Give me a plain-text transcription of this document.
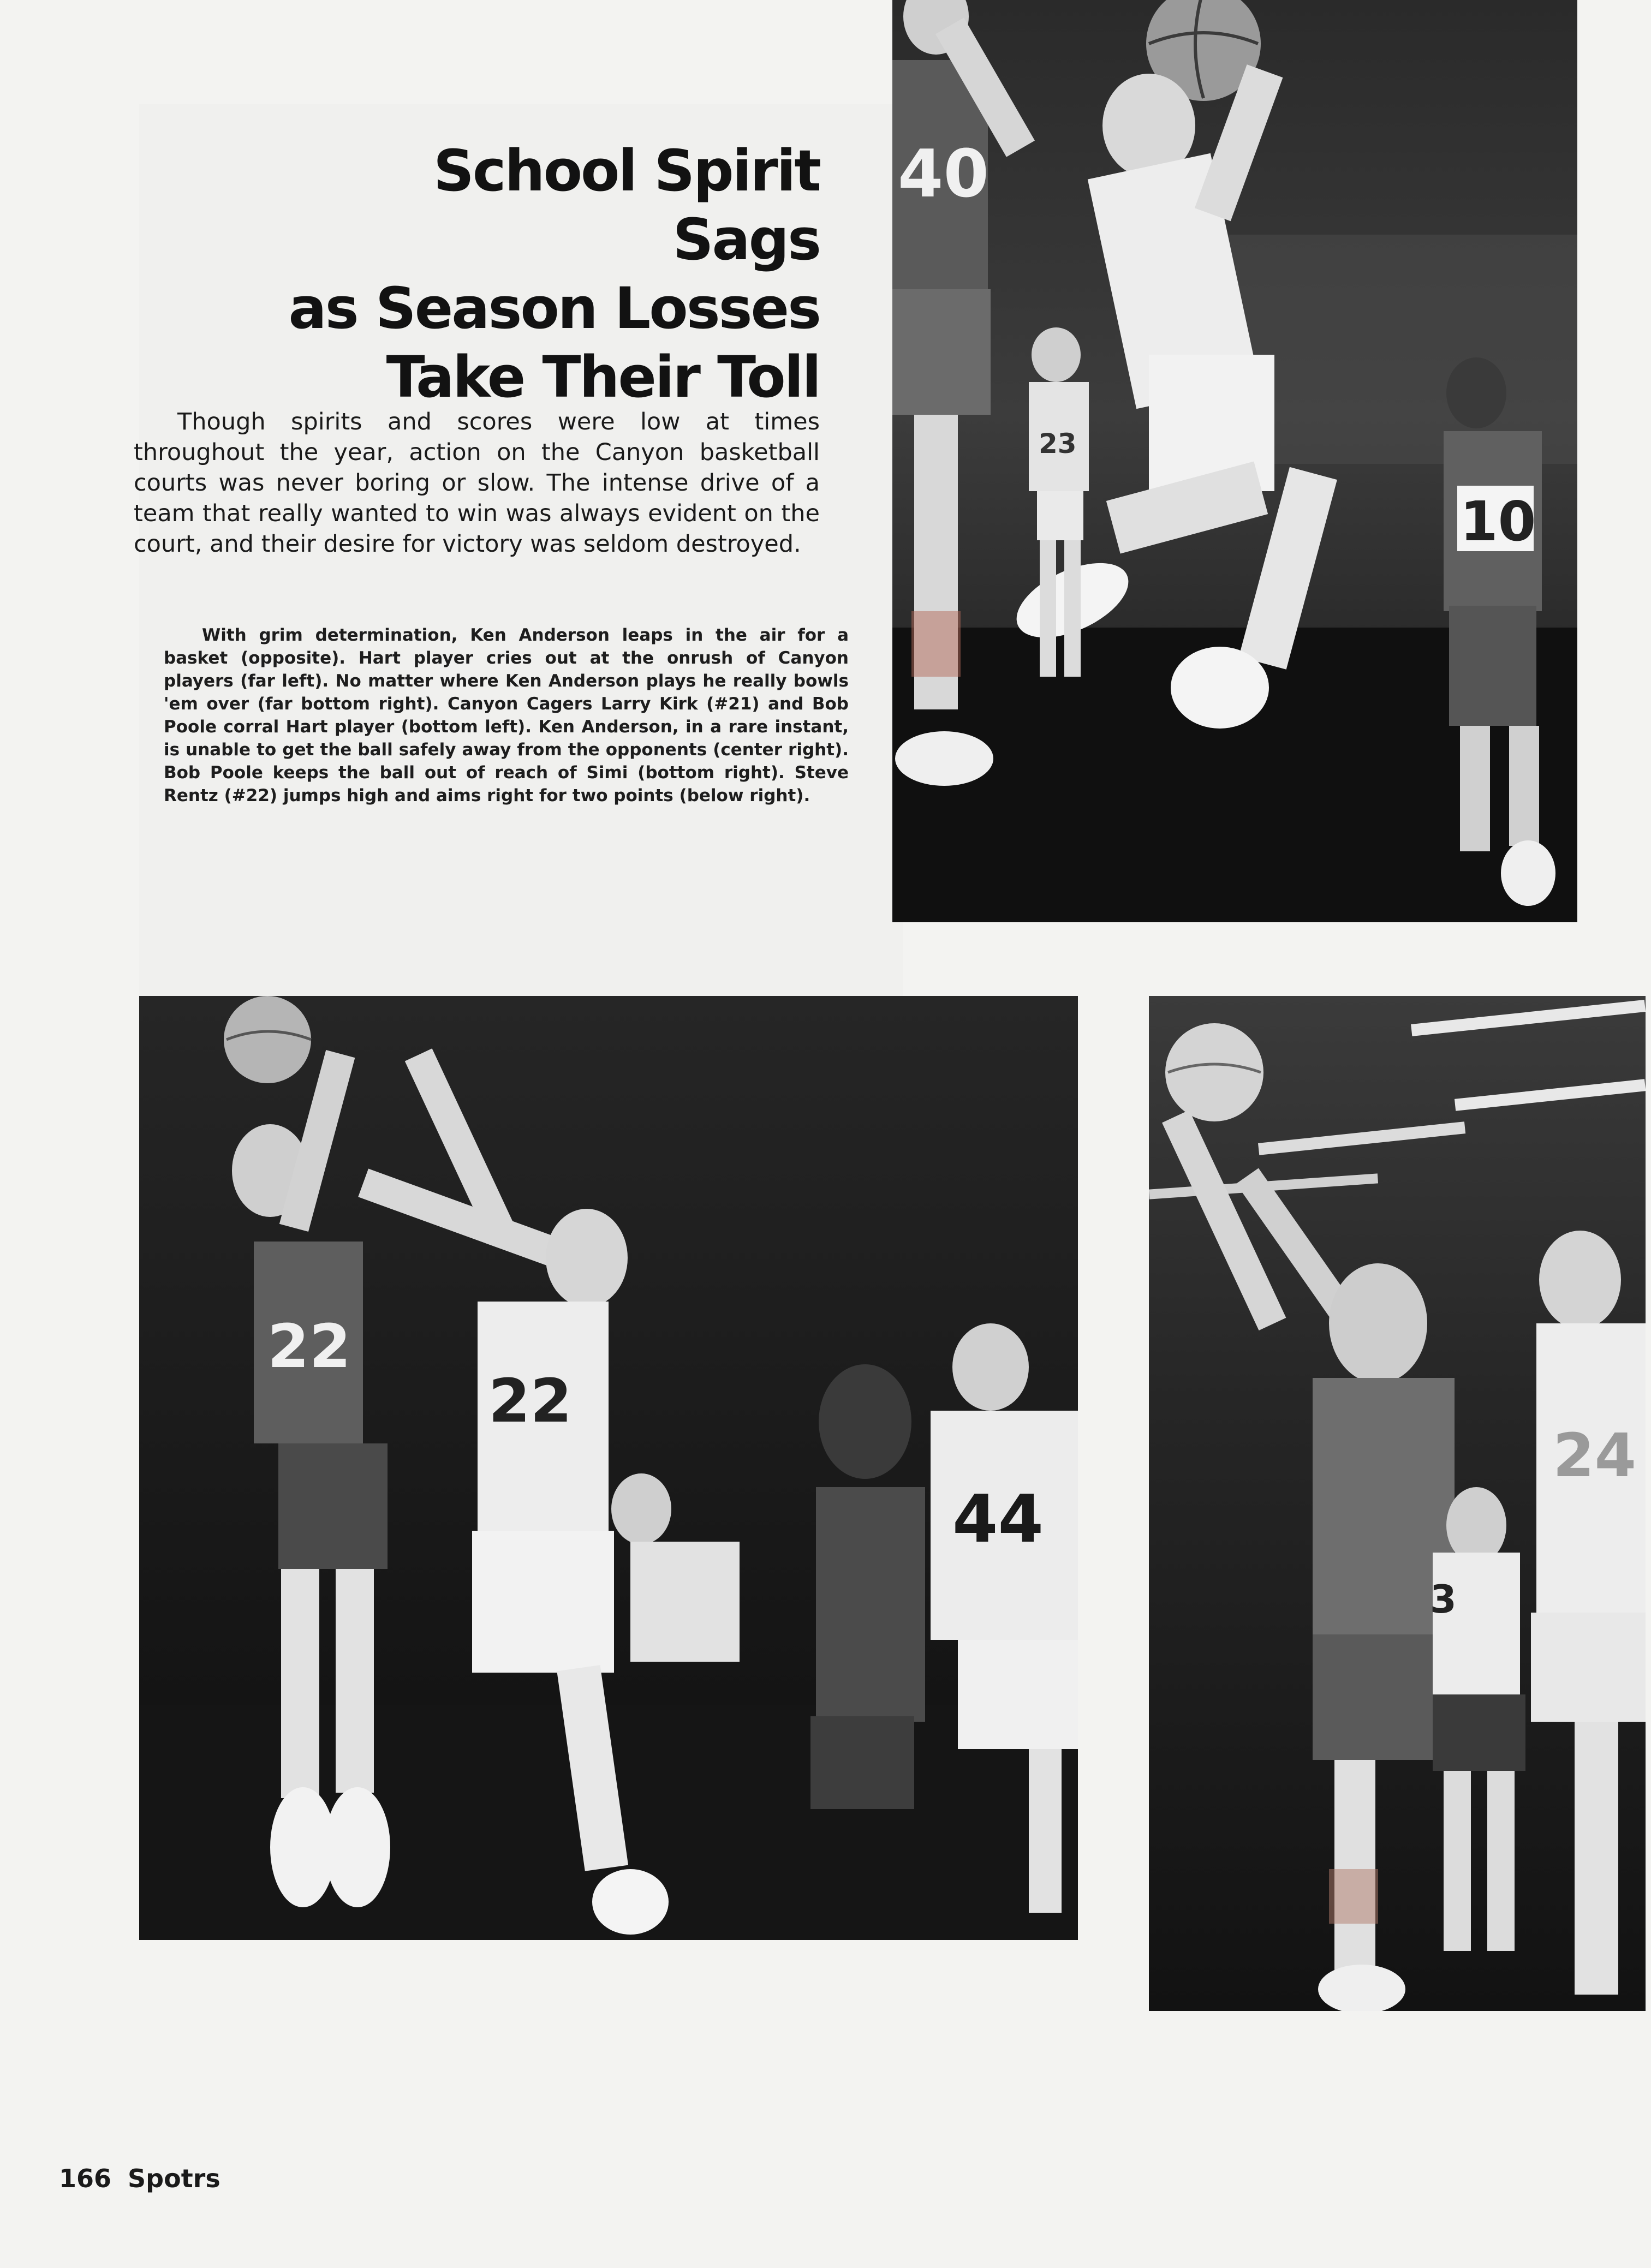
School Spirit Sags
as Season Losses
Take Their Toll

Though spirits and scores were low at times throughout the year, action on the Canyon basketball courts was never boring or slow. The intense drive of a team that really wanted to win was always evident on the court, and their desire for victory was seldom destroyed.

With grim determination, Ken Anderson leaps in the air for a basket (opposite). Hart player cries out at the onrush of Canyon players (far left). No matter where Ken Anderson plays he really bowls 'em over (far bottom right). Canyon Cagers Larry Kirk (#21) and Bob Poole corral Hart player (bottom left). Ken Anderson, in a rare instant, is unable to get the ball safely away from the opponents (center right). Bob Poole keeps the ball out of reach of Simi (bottom right). Steve Rentz (#22) jumps high and aims right for two points (below right).

40
23
10
22
22
44
3
24

166 Spotrs
